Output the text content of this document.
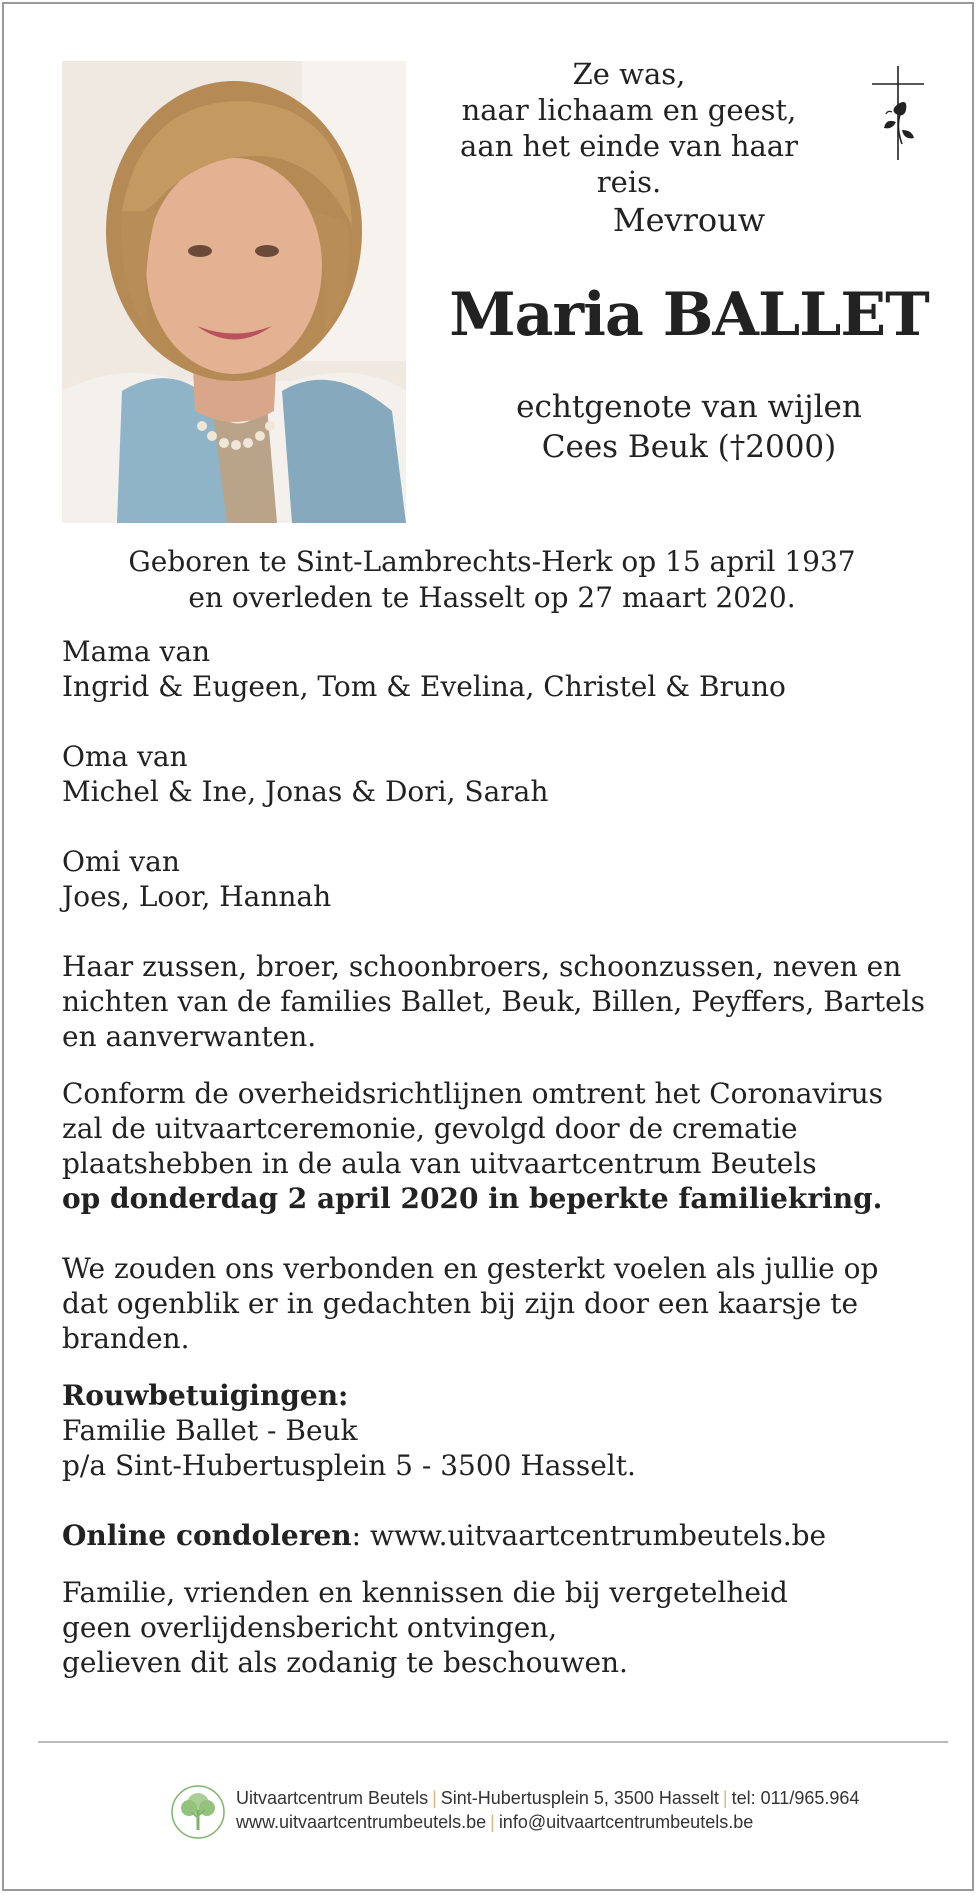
Ze was,
naar lichaam en geest,
aan het einde van haar reis.
Mevrouw
Maria BALLET
echtgenote van wijlen
Cees Beuk (†2000)
Geboren te Sint-Lambrechts-Herk op 15 april 1937
en overleden te Hasselt op 27 maart 2020.

Mama van
Ingrid & Eugeen, Tom & Evelina, Christel & Bruno

Oma van
Michel & Ine, Jonas & Dori, Sarah

Omi van
Joes, Loor, Hannah

Haar zussen, broer, schoonbroers, schoonzussen, neven en
nichten van de families Ballet, Beuk, Billen, Peyffers, Bartels
en aanverwanten.

Conform de overheidsrichtlijnen omtrent het Coronavirus
zal de uitvaartceremonie, gevolgd door de crematie
plaatshebben in de aula van uitvaartcentrum Beutels
op donderdag 2 april 2020 in beperkte familiekring.

We zouden ons verbonden en gesterkt voelen als jullie op
dat ogenblik er in gedachten bij zijn door een kaarsje te
branden.

Rouwbetuigingen:
Familie Ballet - Beuk
p/a Sint-Hubertusplein 5 - 3500 Hasselt.

Online condoleren: www.uitvaartcentrumbeutels.be

Familie, vrienden en kennissen die bij vergetelheid
geen overlijdensbericht ontvingen,
gelieven dit als zodanig te beschouwen.

Uitvaartcentrum Beutels | Sint-Hubertusplein 5, 3500 Hasselt | tel: 011/965.964
www.uitvaartcentrumbeutels.be | info@uitvaartcentrumbeutels.be
